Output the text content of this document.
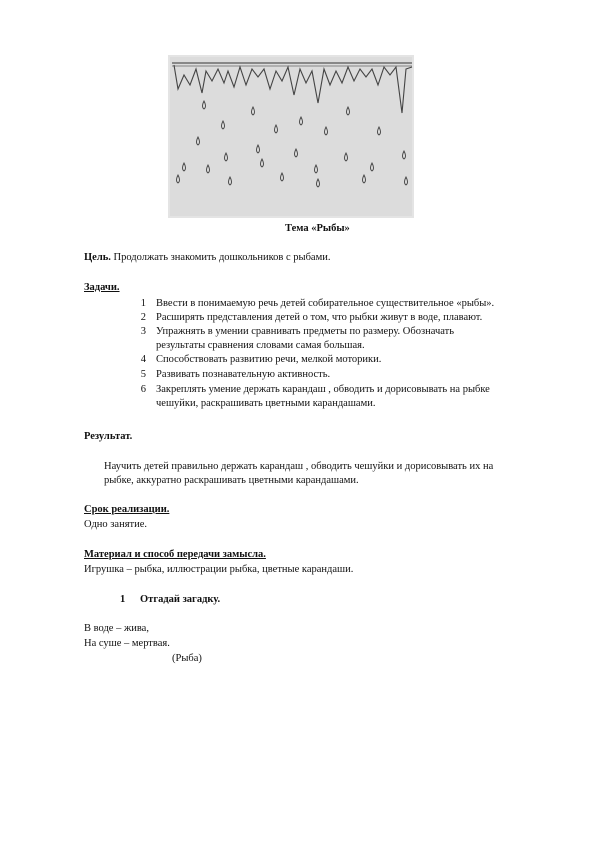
Тема «Рыбы»
Цель. Продолжать знакомить дошкольников с рыбами.
Задачи.
1 Ввести в понимаемую речь детей собирательное существительное «рыбы».
2 Расширять представления детей о том, что рыбки живут в воде, плавают.
3 Упражнять в умении сравнивать предметы по размеру. Обозначать
результаты сравнения словами самая большая.
4 Способствовать развитию речи, мелкой моторики.
5 Развивать познавательную активность.
6 Закреплять умение держать карандаш , обводить и дорисовывать на рыбке
чешуйки, раскрашивать цветными карандашами.
Результат.
Научить детей правильно держать карандаш , обводить чешуйки и дорисовывать их на
рыбке, аккуратно раскрашивать цветными карандашами.
Срок реализации.
Одно занятие.
Материал и способ передачи замысла.
Игрушка – рыбка, иллюстрации рыбка, цветные карандаши.
1 Отгадай загадку.
В воде – жива,
На суше – мертвая.
(Рыба)
